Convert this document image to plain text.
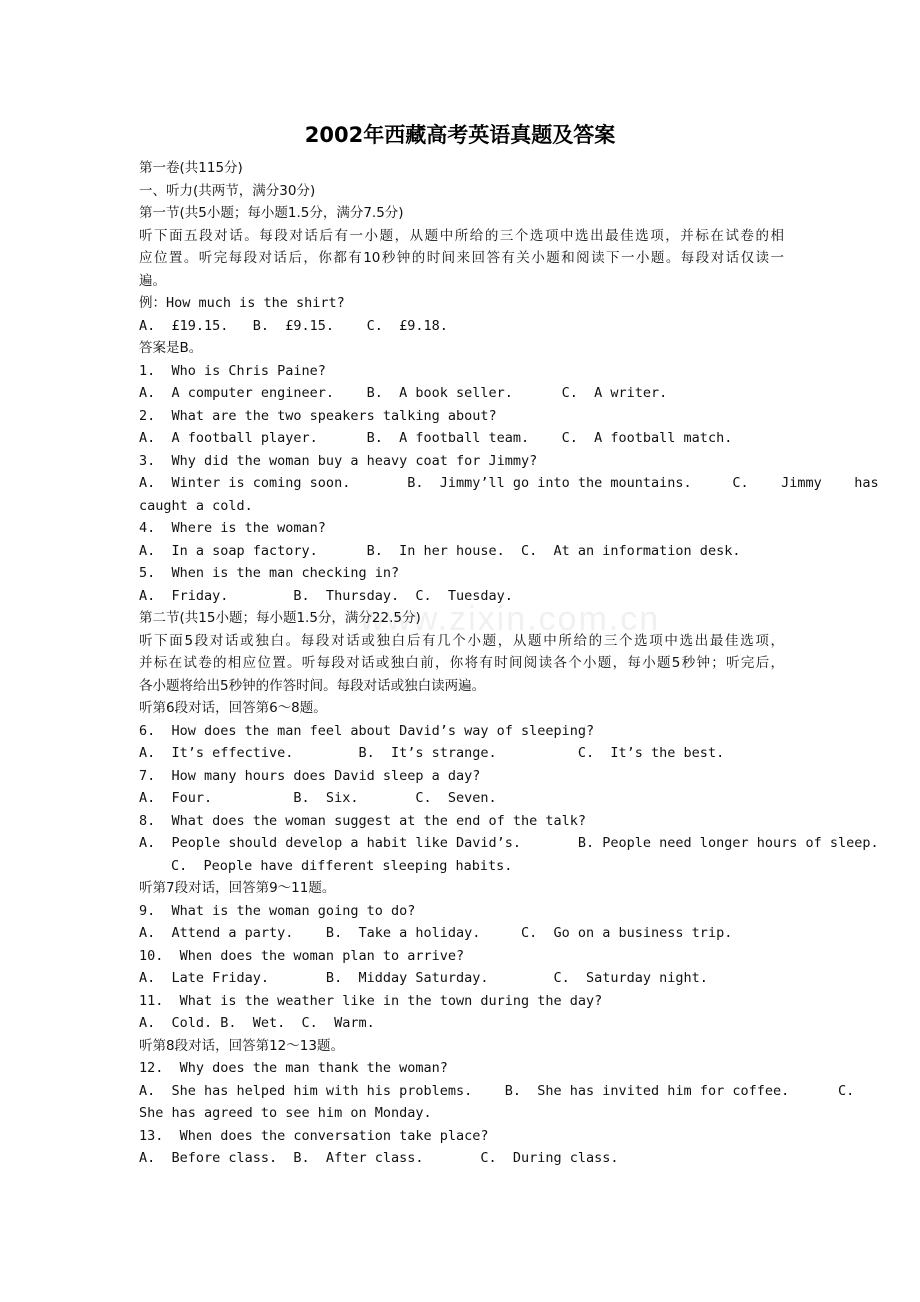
www.zixin.com.cn
2002年西藏高考英语真题及答案
第一卷(共115分)
一、听力(共两节，满分30分)
第一节(共5小题；每小题1.5分，满分7.5分)
听下面五段对话。每段对话后有一小题，从题中所给的三个选项中选出最佳选项，并标在试卷的相
应位置。听完每段对话后，你都有10秒钟的时间来回答有关小题和阅读下一小题。每段对话仅读一
遍。
例：How much is the shirt?
A.  £19.15.   B.  £9.15.    C.  £9.18.
答案是B。
1.  Who is Chris Paine?
A.  A computer engineer.    B.  A book seller.      C.  A writer.
2.  What are the two speakers talking about?
A.  A football player.      B.  A football team.    C.  A football match.
3.  Why did the woman buy a heavy coat for Jimmy?
A.  Winter is coming soon.       B.  Jimmy’ll go into the mountains.     C.    Jimmy    has
caught a cold.
4.  Where is the woman?
A.  In a soap factory.      B.  In her house.  C.  At an information desk.
5.  When is the man checking in?
A.  Friday.        B.  Thursday.  C.  Tuesday.
第二节(共15小题；每小题1.5分，满分22.5分)
听下面5段对话或独白。每段对话或独白后有几个小题，从题中所给的三个选项中选出最佳选项，
并标在试卷的相应位置。听每段对话或独白前，你将有时间阅读各个小题，每小题5秒钟；听完后，
各小题将给出5秒钟的作答时间。每段对话或独白读两遍。
听第6段对话，回答第6～8题。
6.  How does the man feel about David’s way of sleeping?
A.  It’s effective.        B.  It’s strange.          C.  It’s the best.
7.  How many hours does David sleep a day?
A.  Four.          B.  Six.       C.  Seven.
8.  What does the woman suggest at the end of the talk?
A.  People should develop a habit like David’s.       B. People need longer hours of sleep.
C.  People have different sleeping habits.
听第7段对话，回答第9～11题。
9.  What is the woman going to do?
A.  Attend a party.    B.  Take a holiday.     C.  Go on a business trip.
10.  When does the woman plan to arrive?
A.  Late Friday.       B.  Midday Saturday.        C.  Saturday night.
11.  What is the weather like in the town during the day?
A.  Cold. B.  Wet.  C.  Warm.
听第8段对话，回答第12～13题。
12.  Why does the man thank the woman?
A.  She has helped him with his problems.    B.  She has invited him for coffee.      C.
She has agreed to see him on Monday.
13.  When does the conversation take place?
A.  Before class.  B.  After class.       C.  During class.
